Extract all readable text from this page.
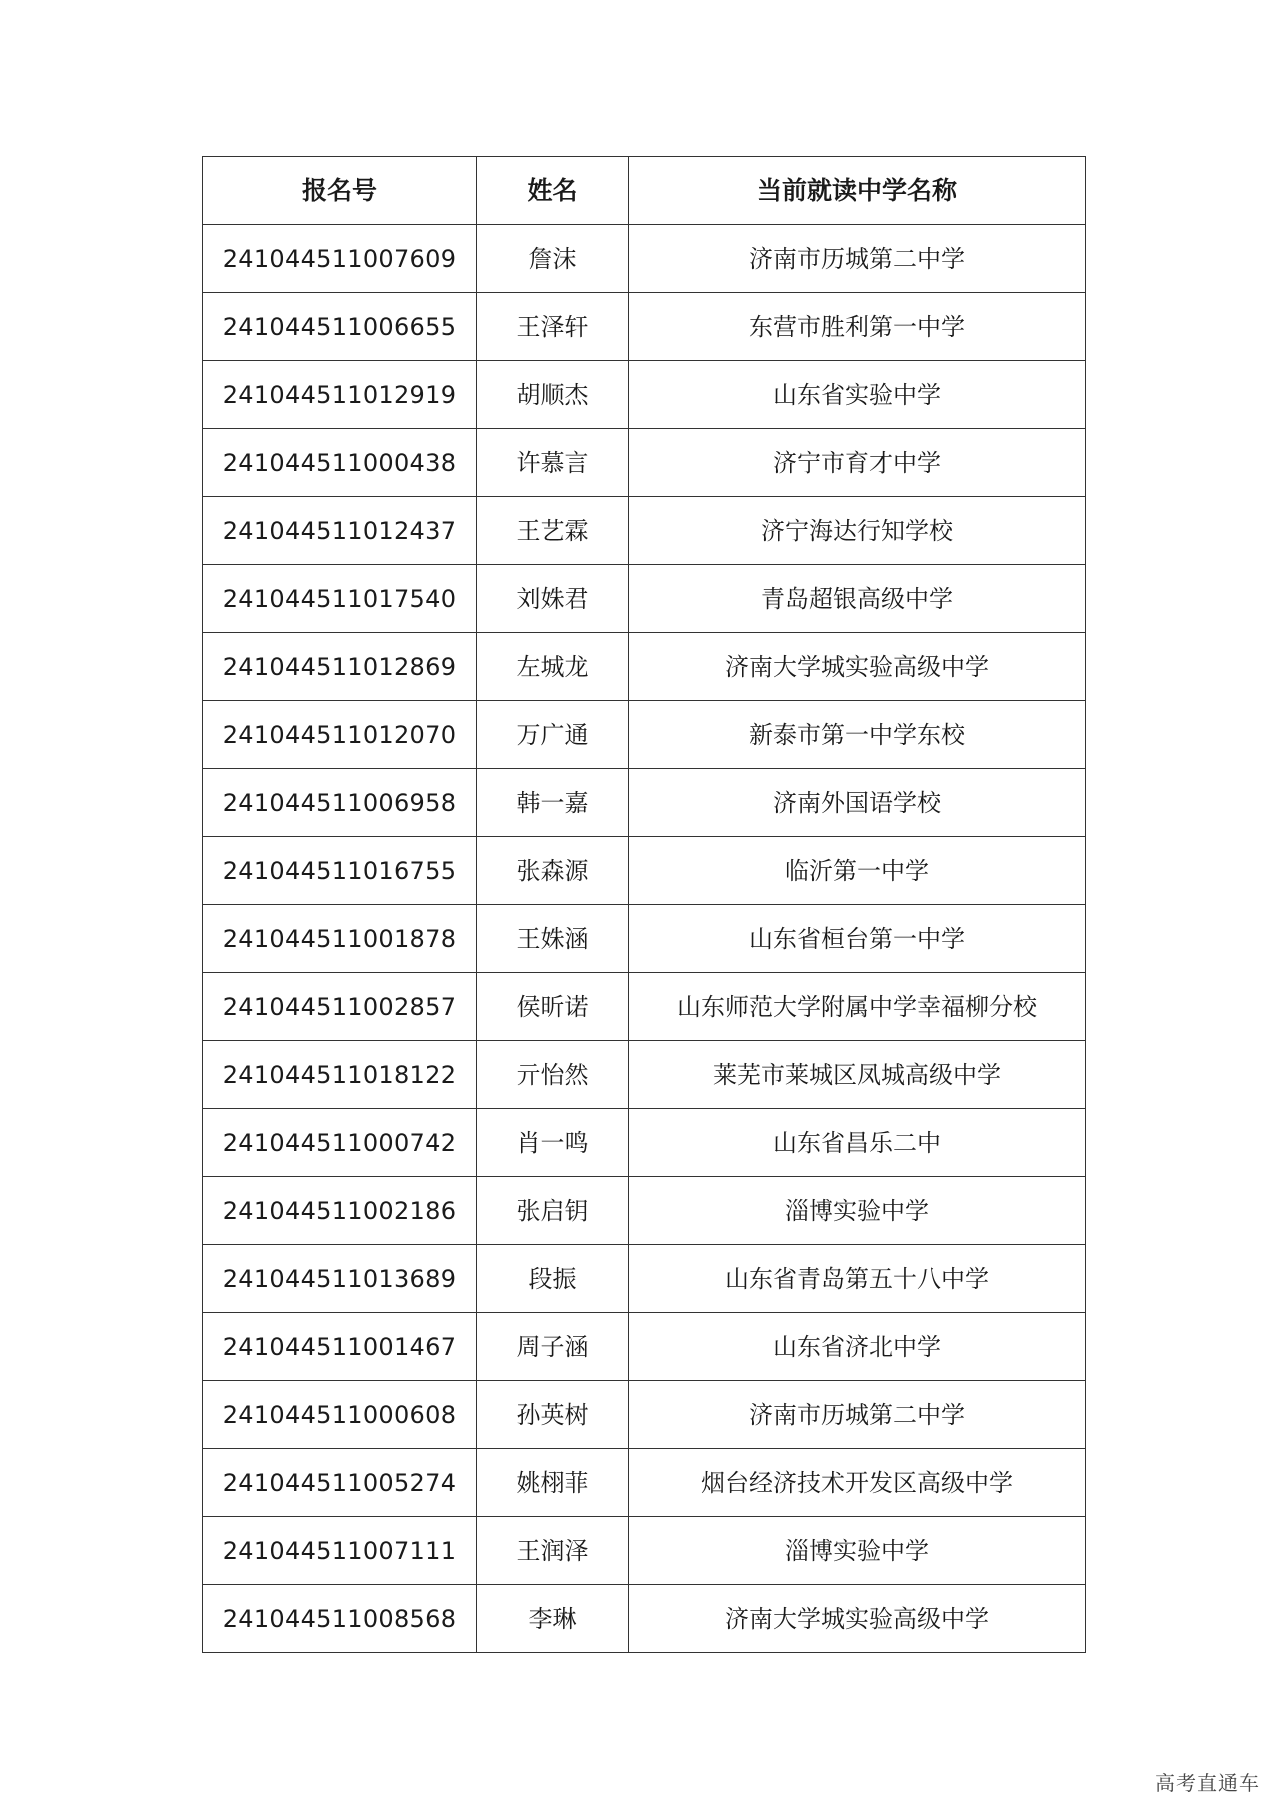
报名号	姓名	当前就读中学名称
241044511007609	詹沫	济南市历城第二中学
241044511006655	王泽轩	东营市胜利第一中学
241044511012919	胡顺杰	山东省实验中学
241044511000438	许慕言	济宁市育才中学
241044511012437	王艺霖	济宁海达行知学校
241044511017540	刘姝君	青岛超银高级中学
241044511012869	左城龙	济南大学城实验高级中学
241044511012070	万广通	新泰市第一中学东校
241044511006958	韩一嘉	济南外国语学校
241044511016755	张森源	临沂第一中学
241044511001878	王姝涵	山东省桓台第一中学
241044511002857	侯昕诺	山东师范大学附属中学幸福柳分校
241044511018122	亓怡然	莱芜市莱城区凤城高级中学
241044511000742	肖一鸣	山东省昌乐二中
241044511002186	张启钥	淄博实验中学
241044511013689	段振	山东省青岛第五十八中学
241044511001467	周子涵	山东省济北中学
241044511000608	孙英树	济南市历城第二中学
241044511005274	姚栩菲	烟台经济技术开发区高级中学
241044511007111	王润泽	淄博实验中学
241044511008568	李琳	济南大学城实验高级中学
高考直通车
